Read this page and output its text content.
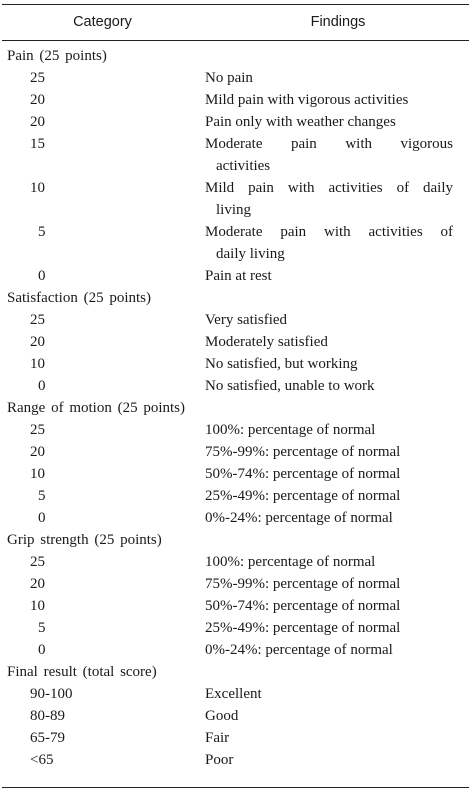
Category	Findings
Pain (25 points)
25	No pain
20	Mild pain with vigorous activities
20	Pain only with weather changes
15	Moderate pain with vigorous
activities
10	Mild pain with activities of daily
living
5	Moderate pain with activities of
daily living
0	Pain at rest
Satisfaction (25 points)
25	Very satisfied
20	Moderately satisfied
10	No satisfied, but working
0	No satisfied, unable to work
Range of motion (25 points)
25	100%: percentage of normal
20	75%-99%: percentage of normal
10	50%-74%: percentage of normal
5	25%-49%: percentage of normal
0	0%-24%: percentage of normal
Grip strength (25 points)
25	100%: percentage of normal
20	75%-99%: percentage of normal
10	50%-74%: percentage of normal
5	25%-49%: percentage of normal
0	0%-24%: percentage of normal
Final result (total score)
90-100	Excellent
80-89	Good
65-79	Fair
<65	Poor
